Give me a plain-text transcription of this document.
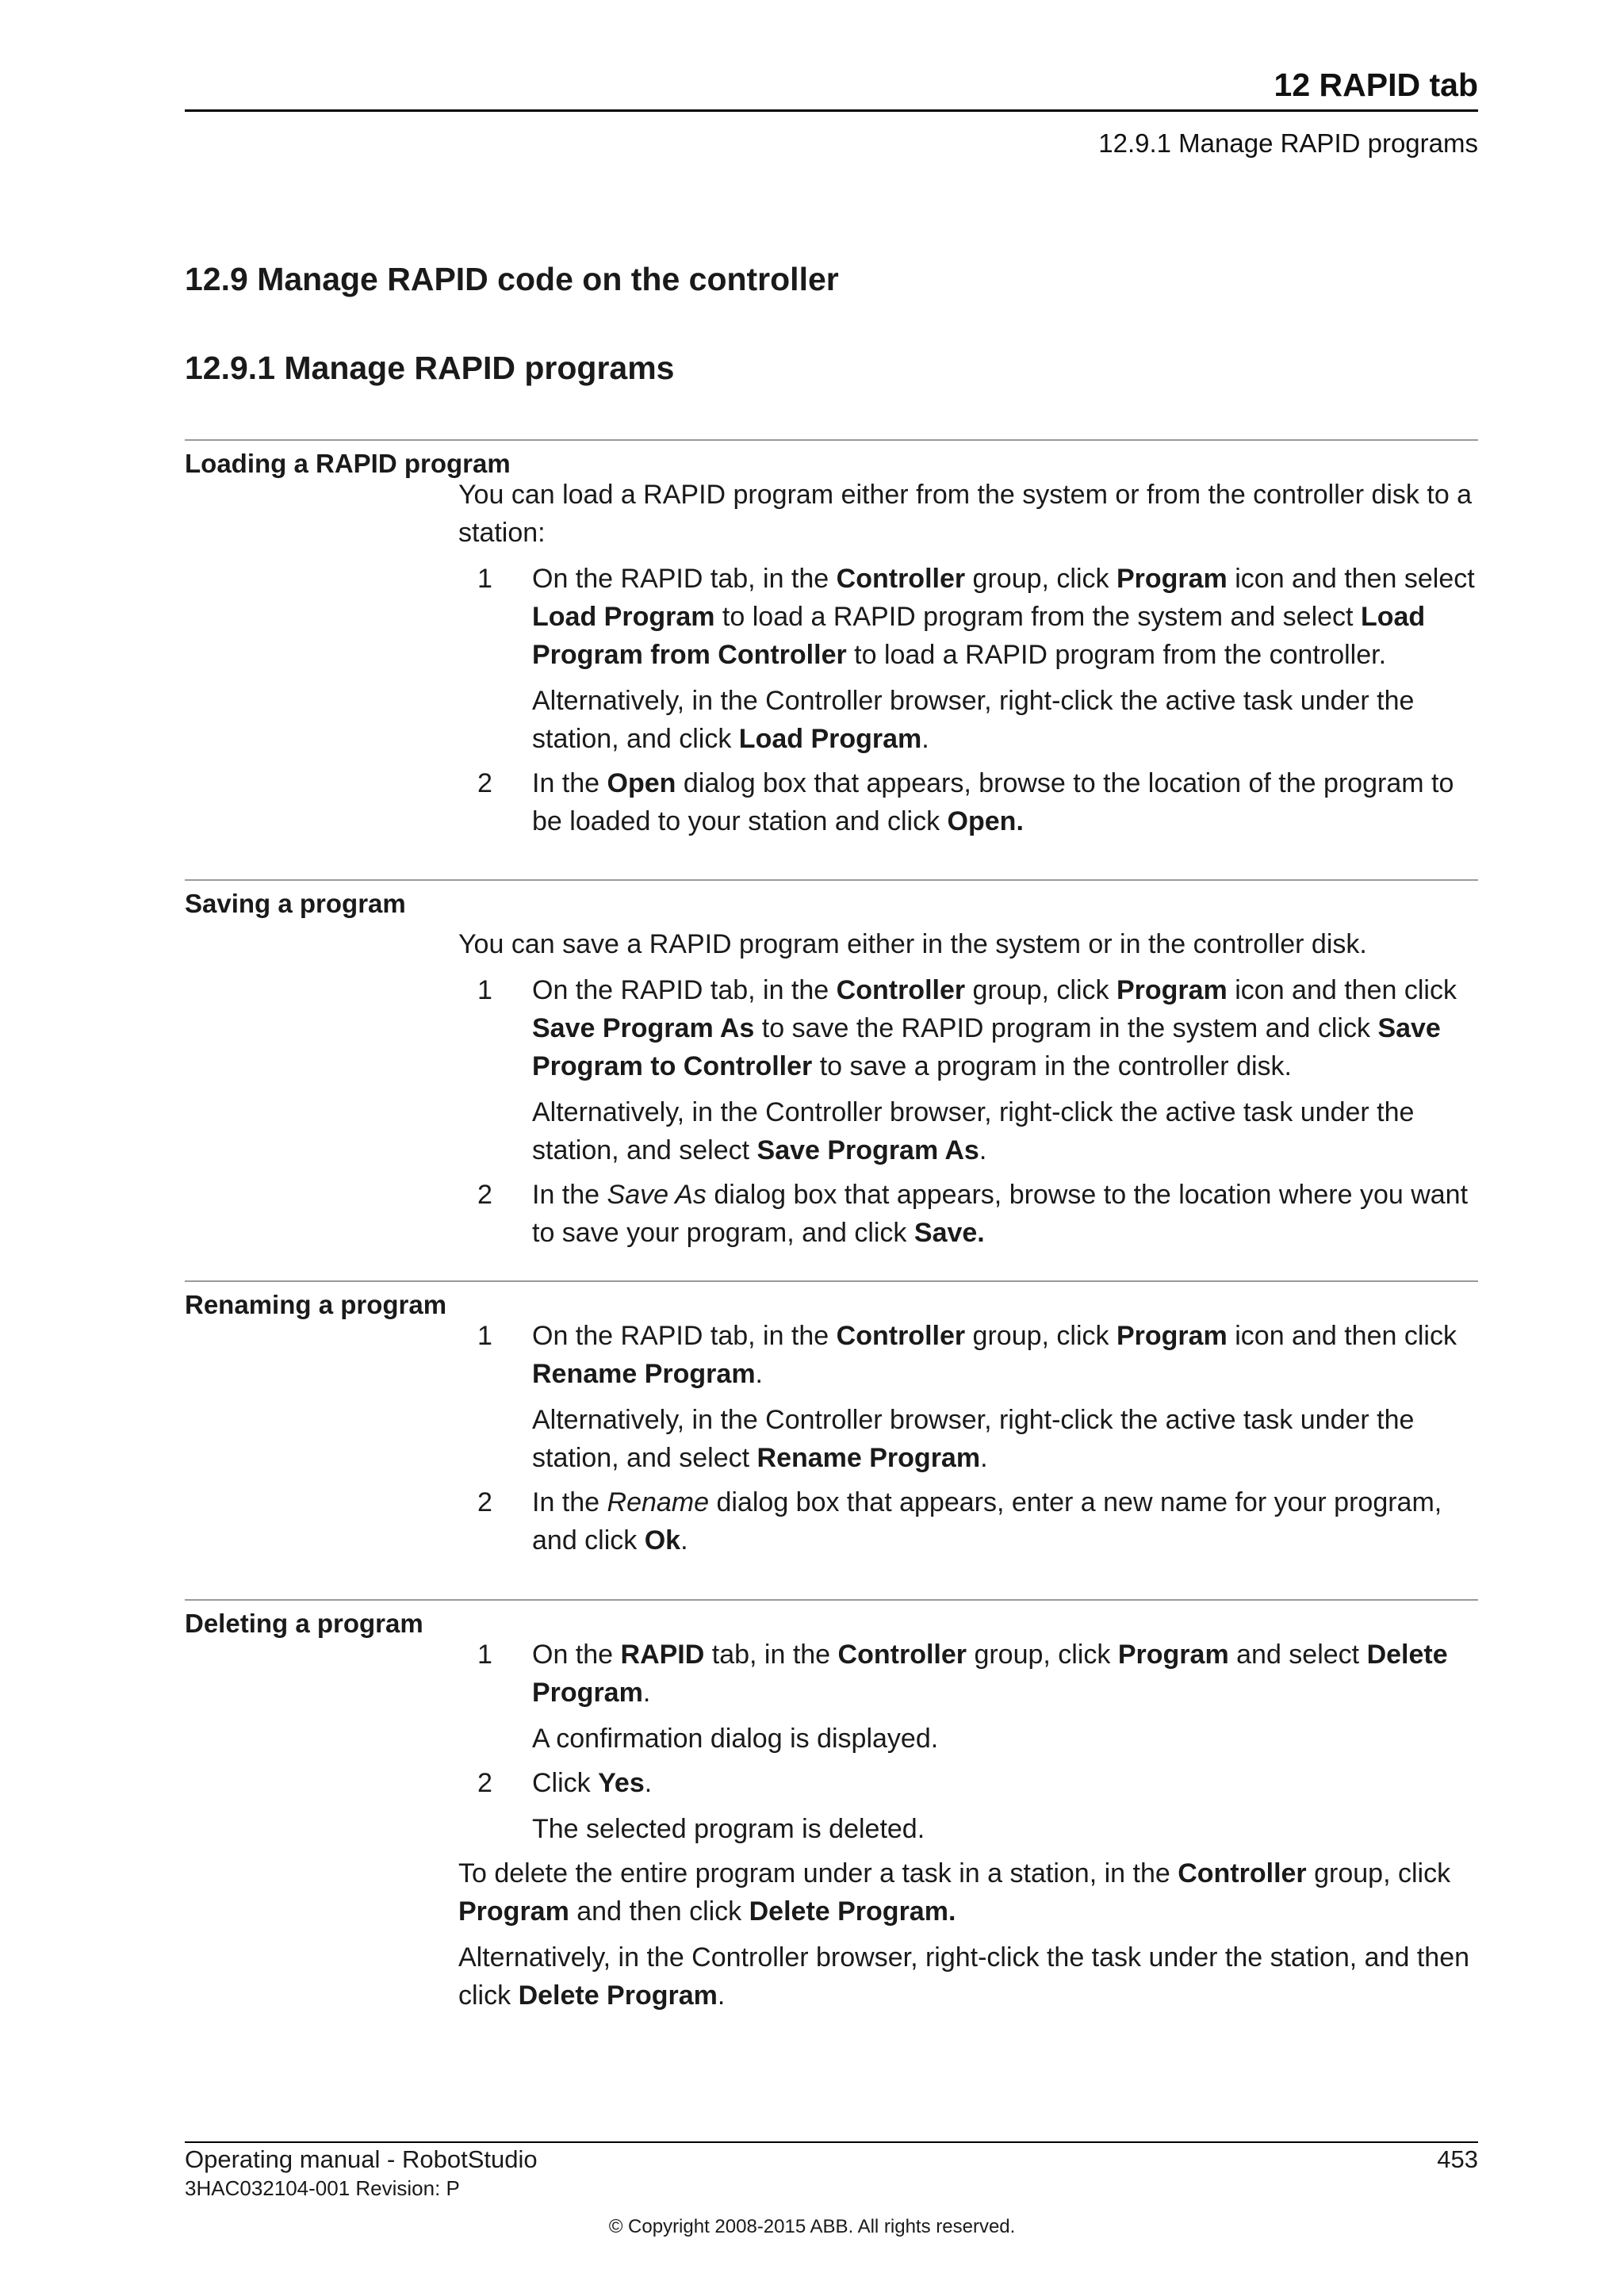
12 RAPID tab
12.9.1 Manage RAPID programs
12.9 Manage RAPID code on the controller
12.9.1 Manage RAPID programs

Loading a RAPID program

You can load a RAPID program either from the system or from the controller disk to a station:

1	On the RAPID tab, in the Controller group, click Program icon and then select Load Program to load a RAPID program from the system and select Load Program from Controller to load a RAPID program from the controller.

Alternatively, in the Controller browser, right-click the active task under the station, and click Load Program.

2	In the Open dialog box that appears, browse to the location of the program to be loaded to your station and click Open.

Saving a program

You can save a RAPID program either in the system or in the controller disk.

1	On the RAPID tab, in the Controller group, click Program icon and then click Save Program As to save the RAPID program in the system and click Save Program to Controller to save a program in the controller disk.

Alternatively, in the Controller browser, right-click the active task under the station, and select Save Program As.

2	In the Save As dialog box that appears, browse to the location where you want to save your program, and click Save.

Renaming a program

1	On the RAPID tab, in the Controller group, click Program icon and then click Rename Program.

Alternatively, in the Controller browser, right-click the active task under the station, and select Rename Program.

2	In the Rename dialog box that appears, enter a new name for your program, and click Ok.

Deleting a program

1	On the RAPID tab, in the Controller group, click Program and select Delete Program.

A confirmation dialog is displayed.

2	Click Yes.

The selected program is deleted.

To delete the entire program under a task in a station, in the Controller group, click Program and then click Delete Program.

Alternatively, in the Controller browser, right-click the task under the station, and then click Delete Program.

Operating manual - RobotStudio
3HAC032104-001 Revision: P
453
© Copyright 2008-2015 ABB. All rights reserved.
